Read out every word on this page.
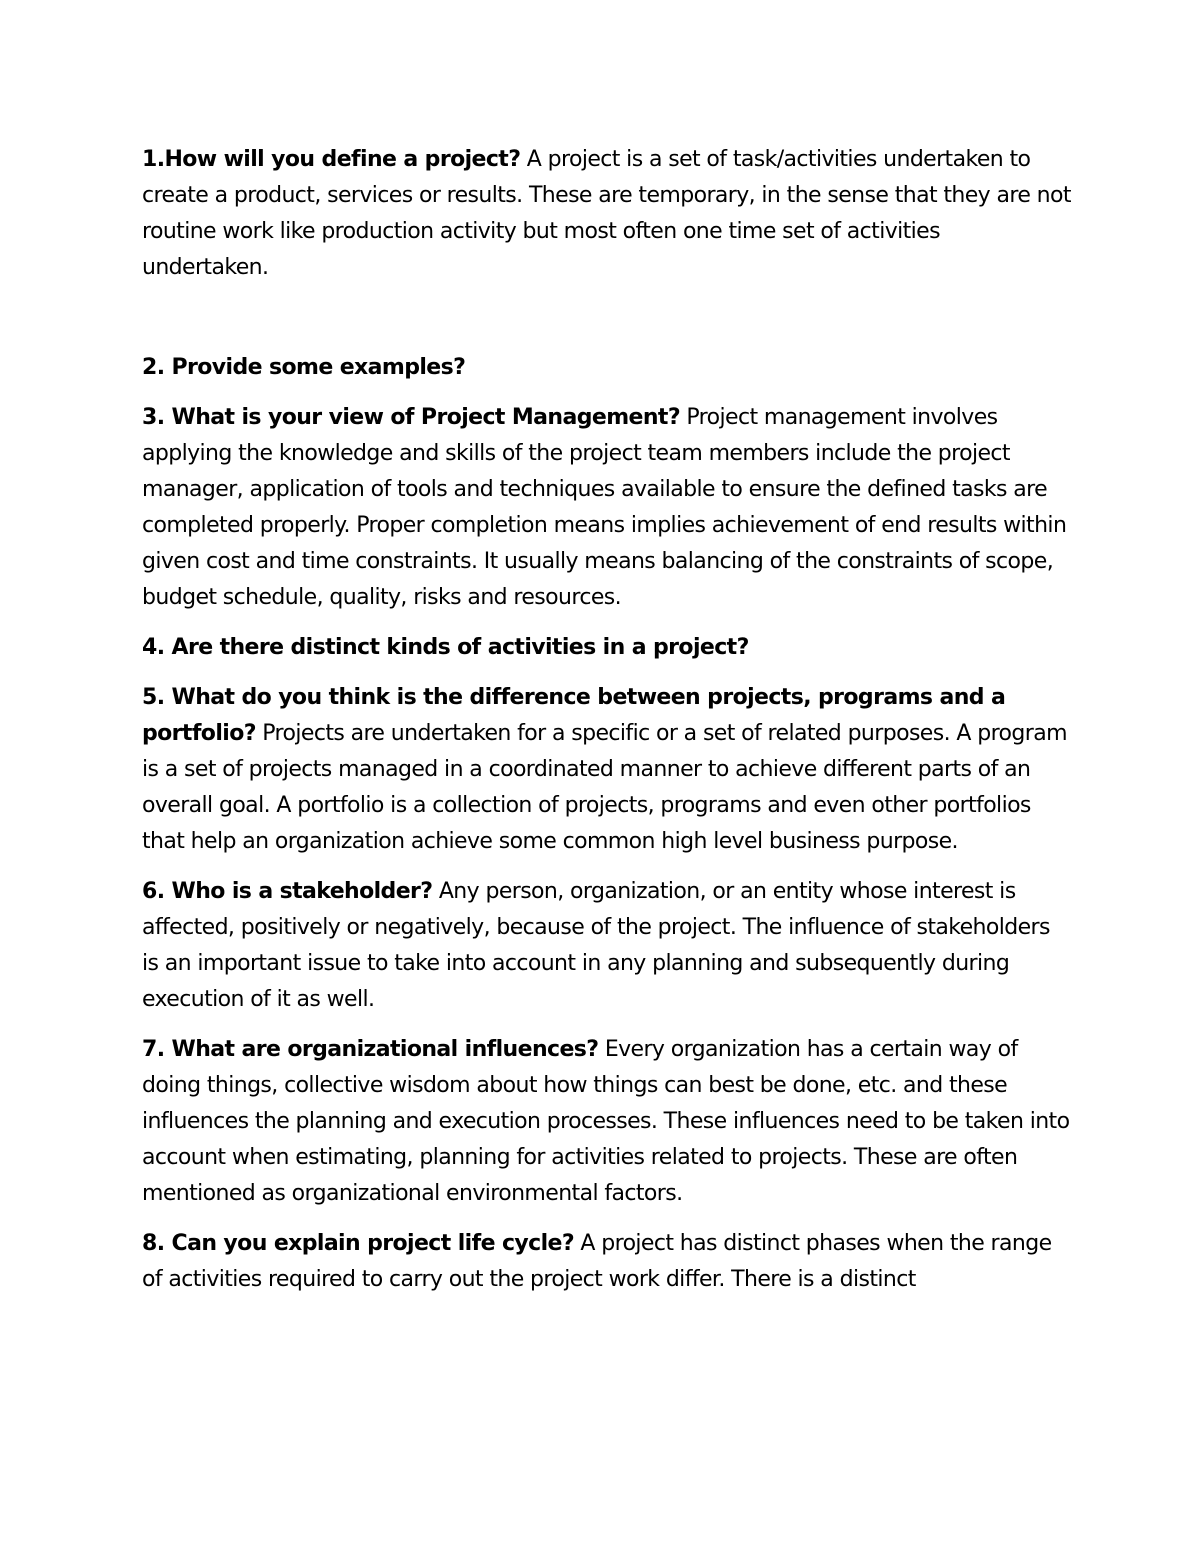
1.How will you define a project? A project is a set of task/activities undertaken to create a product, services or results. These are temporary, in the sense that they are not routine work like production activity but most often one time set of activities undertaken.

2. Provide some examples?

3. What is your view of Project Management? Project management involves applying the knowledge and skills of the project team members include the project manager, application of tools and techniques available to ensure the defined tasks are completed properly. Proper completion means implies achievement of end results within given cost and time constraints. It usually means balancing of the constraints of scope, budget schedule, quality, risks and resources.

4. Are there distinct kinds of activities in a project?

5. What do you think is the difference between projects, programs and a portfolio? Projects are undertaken for a specific or a set of related purposes. A program is a set of projects managed in a coordinated manner to achieve different parts of an overall goal. A portfolio is a collection of projects, programs and even other portfolios that help an organization achieve some common high level business purpose.

6. Who is a stakeholder? Any person, organization, or an entity whose interest is affected, positively or negatively, because of the project. The influence of stakeholders is an important issue to take into account in any planning and subsequently during execution of it as well.

7. What are organizational influences? Every organization has a certain way of doing things, collective wisdom about how things can best be done, etc. and these influences the planning and execution processes. These influences need to be taken into account when estimating, planning for activities related to projects. These are often mentioned as organizational environmental factors.

8. Can you explain project life cycle? A project has distinct phases when the range of activities required to carry out the project work differ. There is a distinct
